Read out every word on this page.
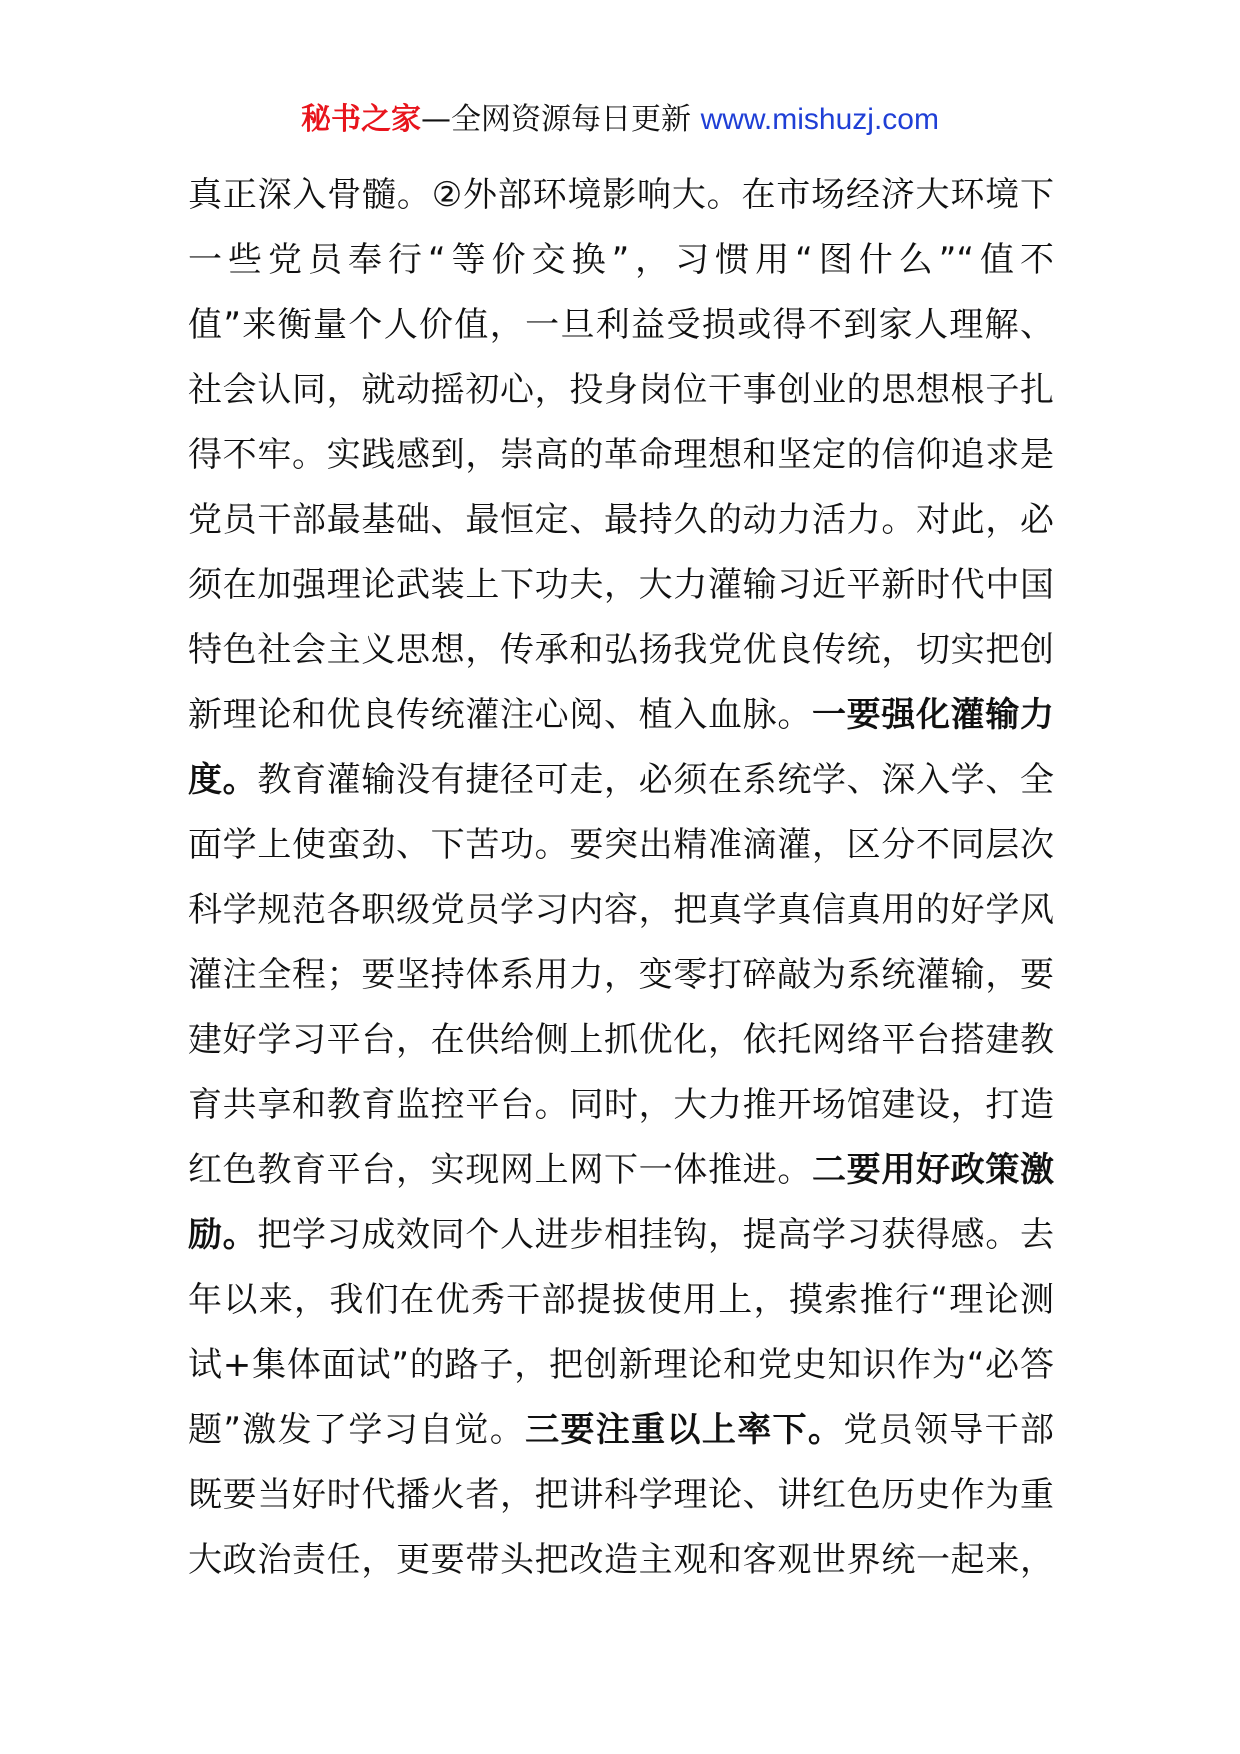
秘书之家—全网资源每日更新 www.mishuzj.com
真正深入骨髓。②外部环境影响大。在市场经济大环境下
一些党员奉行“等价交换”，习惯用“图什么”“值不
值”来衡量个人价值，一旦利益受损或得不到家人理解、
社会认同，就动摇初心，投身岗位干事创业的思想根子扎
得不牢。实践感到，崇高的革命理想和坚定的信仰追求是
党员干部最基础、最恒定、最持久的动力活力。对此，必
须在加强理论武装上下功夫，大力灌输习近平新时代中国
特色社会主义思想，传承和弘扬我党优良传统，切实把创
新理论和优良传统灌注心阅、植入血脉。一要强化灌输力
度。教育灌输没有捷径可走，必须在系统学、深入学、全
面学上使蛮劲、下苦功。要突出精准滴灌，区分不同层次
科学规范各职级党员学习内容，把真学真信真用的好学风
灌注全程；要坚持体系用力，变零打碎敲为系统灌输，要
建好学习平台，在供给侧上抓优化，依托网络平台搭建教
育共享和教育监控平台。同时，大力推开场馆建设，打造
红色教育平台，实现网上网下一体推进。二要用好政策激
励。把学习成效同个人进步相挂钩，提高学习获得感。去
年以来，我们在优秀干部提拔使用上，摸索推行“理论测
试+集体面试”的路子，把创新理论和党史知识作为“必答
题”激发了学习自觉。三要注重以上率下。党员领导干部
既要当好时代播火者，把讲科学理论、讲红色历史作为重
大政治责任，更要带头把改造主观和客观世界统一起来，
